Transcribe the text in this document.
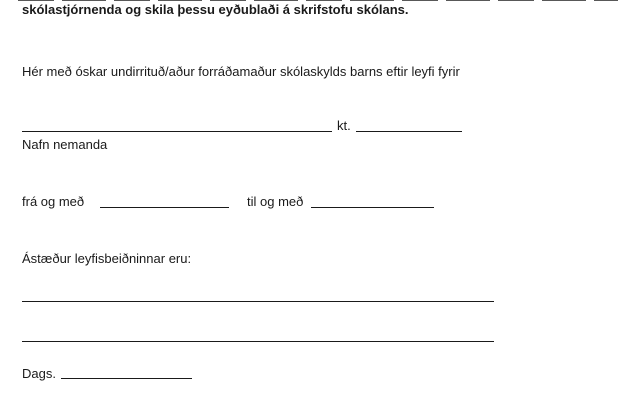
skólastjórnenda og skila þessu eyðublaði á skrifstofu skólans.
Hér með óskar undirrituð/aður forráðamaður skólaskylds barns eftir leyfi fyrir
kt.
Nafn nemanda
frá og með	til og með
Ástæður leyfisbeiðninnar eru:
Dags.
